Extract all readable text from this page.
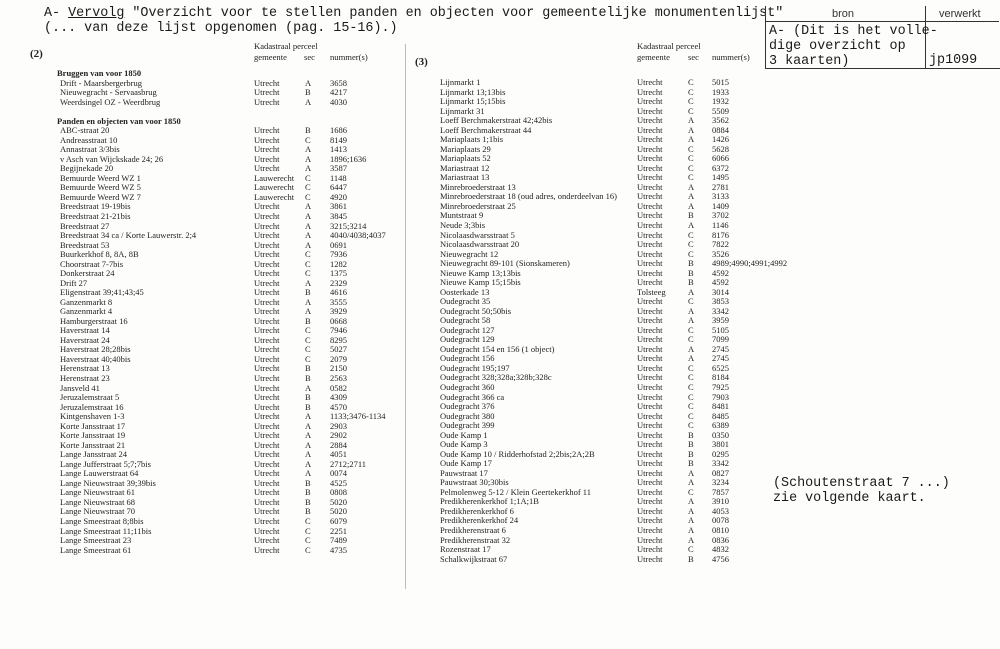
A- Vervolg "Overzicht voor te stellen panden en objecten voor gemeentelijke monumentenlijst"
(... van deze lijst opgenomen (pag. 15-16).)
bron	verwerkt
A- (Dit is het volle-
dige overzicht op
3 kaarten)	jp1099
(Schoutenstraat 7 ...)
zie volgende kaart.
(2)
(3)
Kadastraal perceel
gemeente sec nummer(s)
Kadastraal perceel
gemeente sec nummer(s)
Bruggen van voor 1850
Drift - Maarsbergerbrug	Utrecht	A 3658
Nieuwegracht - Servaasbrug	Utrecht	B 4217
Weerdsingel OZ - Weerdbrug	Utrecht	A 4030
Panden en objecten van voor 1850
ABC-straat 20	Utrecht	B 1686
Andreasstraat 10	Utrecht	C 8149
Annastraat 3/3bis	Utrecht	A 1413
v Asch van Wijckskade 24; 26	Utrecht	A 1896;1636
Begijnekade 20	Utrecht	A 3587
Bemuurde Weerd WZ 1	Lauwerecht C 1148
Bemuurde Weerd WZ 5	Lauwerecht C 6447
Bemuurde Weerd WZ 7	Lauwerecht C 4920
Breedstraat 19-19bis	Utrecht	A 3861
Breedstraat 21-21bis	Utrecht	A 3845
Breedstraat 27	Utrecht	A 3215;3214
Breedstraat 34 ca / Korte Lauwerstr. 2;4	Utrecht	A 4040/4038;4037
Breedstraat 53	Utrecht	A 0691
Buurkerkhof 8, 8A, 8B	Utrecht	C 7936
Choorstraat 7-7bis	Utrecht	C 1282
Donkerstraat 24	Utrecht	C 1375
Drift 27	Utrecht	A 2329
Eligenstraat 39;41;43;45	Utrecht	B 4616
Ganzenmarkt 8	Utrecht	A 3555
Ganzenmarkt 4	Utrecht	A 3929
Hamburgerstraat 16	Utrecht	B 0668
Haverstraat 14	Utrecht	C 7946
Haverstraat 24	Utrecht	C 8295
Haverstraat 28;28bis	Utrecht	C 5027
Haverstraat 40;40bis	Utrecht	C 2079
Herenstraat 13	Utrecht	B 2150
Herenstraat 23	Utrecht	B 2563
Jansveld 41	Utrecht	A 0582
Jeruzalemstraat 5	Utrecht	B 4309
Jeruzalemstraat 16	Utrecht	B 4570
Kintgenshaven 1-3	Utrecht	A 1133;3476-1134
Korte Jansstraat 17	Utrecht	A 2903
Korte Jansstraat 19	Utrecht	A 2902
Korte Jansstraat 21	Utrecht	A 2884
Lange Jansstraat 24	Utrecht	A 4051
Lange Jufferstraat 5;7;7bis	Utrecht	A 2712;2711
Lange Lauwerstraat 64	Utrecht	A 0074
Lange Nieuwstraat 39;39bis	Utrecht	B 4525
Lange Nieuwstraat 61	Utrecht	B 0808
Lange Nieuwstraat 68	Utrecht	B 5020
Lange Nieuwstraat 70	Utrecht	B 5020
Lange Smeestraat 8;8bis	Utrecht	C 6079
Lange Smeestraat 11;11bis	Utrecht	C 2251
Lange Smeestraat 23	Utrecht	C 7489
Lange Smeestraat 61	Utrecht	C 4735
Lijnmarkt 1	Utrecht	C 5015
Lijnmarkt 13;13bis	Utrecht	C 1933
Lijnmarkt 15;15bis	Utrecht	C 1932
Lijnmarkt 31	Utrecht	C 5509
Loeff Berchmakerstraat 42;42bis	Utrecht	A 3562
Loeff Berchmakerstraat 44	Utrecht	A 0884
Mariaplaats 1;1bis	Utrecht	A 1426
Mariaplaats 29	Utrecht	C 5628
Mariaplaats 52	Utrecht	C 6066
Mariastraat 12	Utrecht	C 6372
Mariastraat 13	Utrecht	C 1495
Minrebroederstraat 13	Utrecht	A 2781
Minrebroederstraat 18 (oud adres, onderdeelvan 16) Utrecht	A 3133
Minrebroederstraat 25	Utrecht	A 1409
Muntstraat 9	Utrecht	B 3702
Neude 3;3bis	Utrecht	A 1146
Nicolaasdwarsstraat 5	Utrecht	C 8176
Nicolaasdwarsstraat 20	Utrecht	C 7822
Nieuwegracht 12	Utrecht	C 3526
Nieuwegracht 89-101 (Sionskameren)	Utrecht	B 4989;4990;4991;4992
Nieuwe Kamp 13;13bis	Utrecht	B 4592
Nieuwe Kamp 15;15bis	Utrecht	B 4592
Oosterkade 13	Tolsteeg	A 3014
Oudegracht 35	Utrecht	C 3853
Oudegracht 50;50bis	Utrecht	A 3342
Oudegracht 58	Utrecht	A 3959
Oudegracht 127	Utrecht	C 5105
Oudegracht 129	Utrecht	C 7099
Oudegracht 154 en 156 (1 object)	Utrecht	A 2745
Oudegracht 156	Utrecht	A 2745
Oudegracht 195;197	Utrecht	C 6525
Oudegracht 328;328a;328b;328c	Utrecht	C 8184
Oudegracht 360	Utrecht	C 7925
Oudegracht 366 ca	Utrecht	C 7903
Oudegracht 376	Utrecht	C 8481
Oudegracht 380	Utrecht	C 8485
Oudegracht 399	Utrecht	C 6389
Oude Kamp 1	Utrecht	B 0350
Oude Kamp 3	Utrecht	B 3801
Oude Kamp 10 / Ridderhofstad 2;2bis;2A;2B	Utrecht	B 0295
Oude Kamp 17	Utrecht	B 3342
Pauwstraat 17	Utrecht	A 0827
Pauwstraat 30;30bis	Utrecht	A 3234
Pelmolenweg 5-12 / Klein Geertekerkhof 11	Utrecht	C 7857
Predikherenkerkhof 1;1A;1B	Utrecht	A 3910
Predikherenkerkhof 6	Utrecht	A 4053
Predikherenkerkhof 24	Utrecht	A 0078
Predikherenstraat 6	Utrecht	A 0810
Predikherenstraat 32	Utrecht	A 0836
Rozenstraat 17	Utrecht	C 4832
Schalkwijkstraat 67	Utrecht	B 4756
